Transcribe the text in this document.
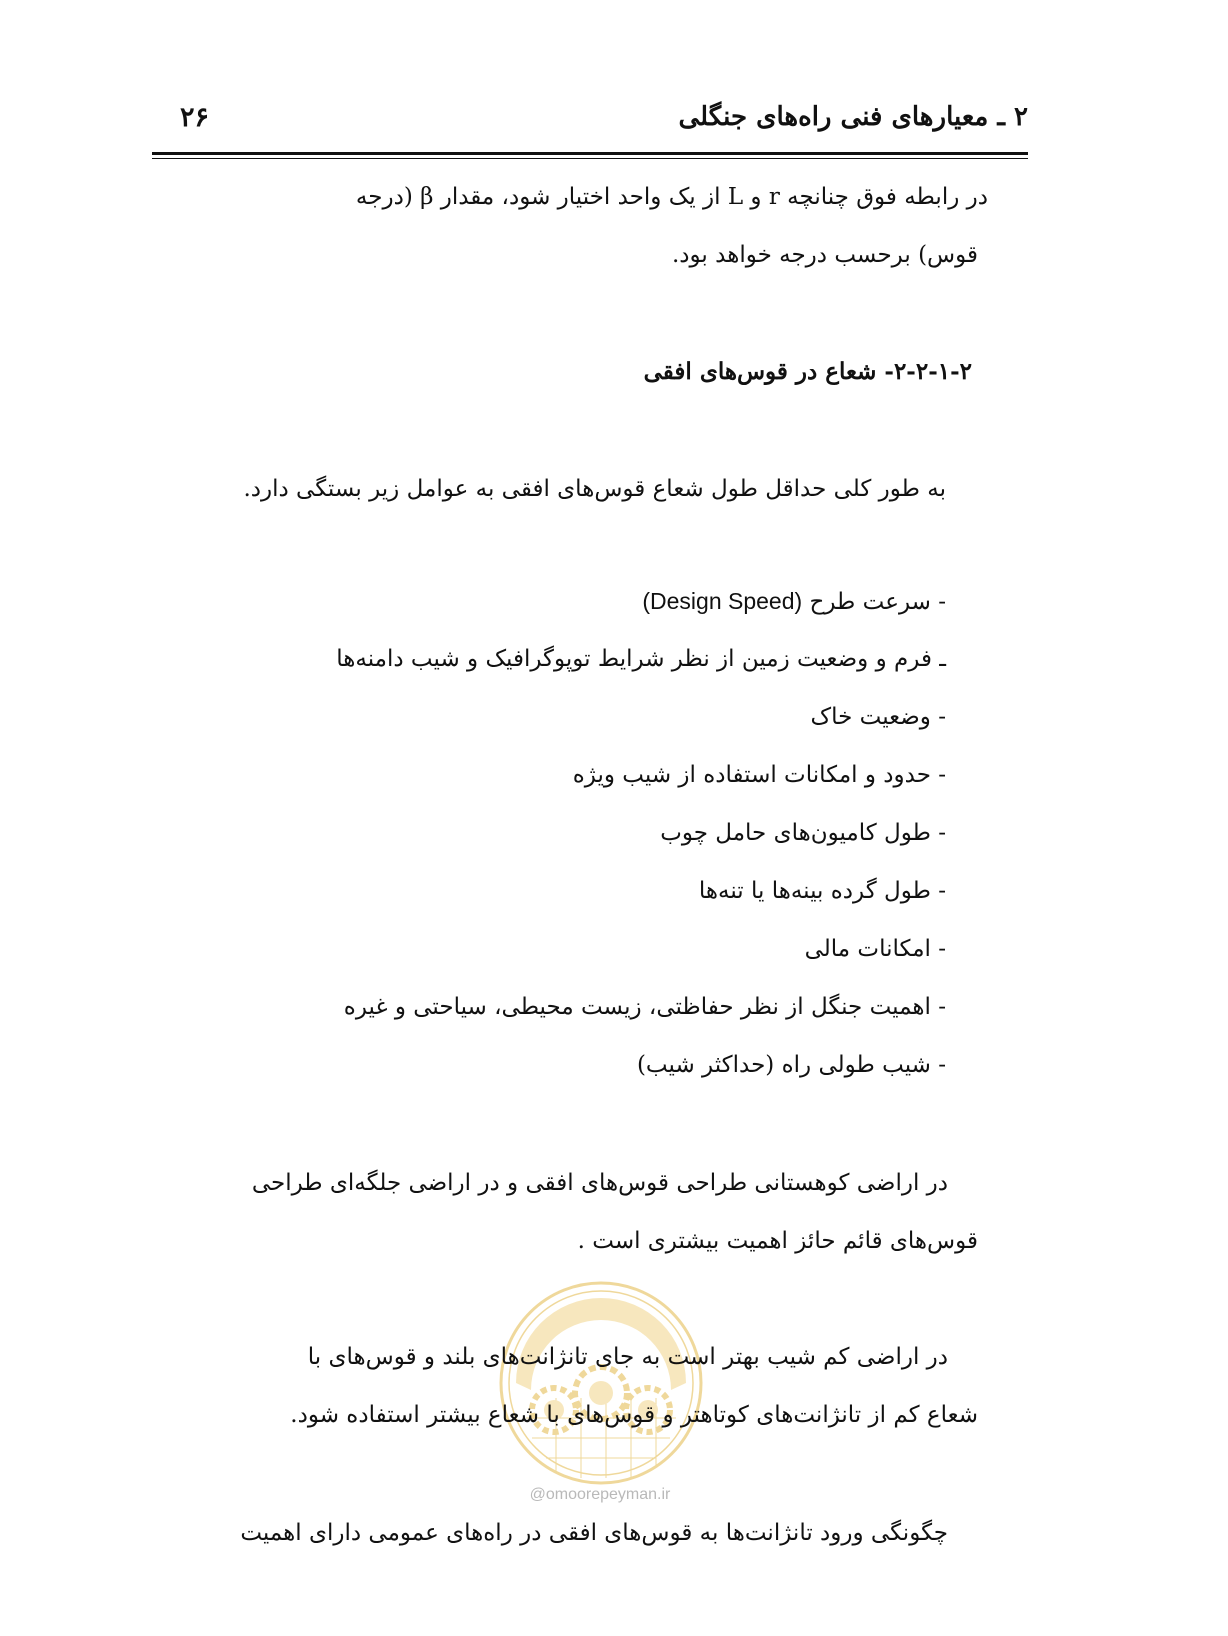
۲۶	۲ ـ معیارهای فنی راه‌های جنگلی
در رابطه فوق چنانچه r و L از یک واحد اختیار شود، مقدار β (درجه
قوس) برحسب درجه خواهد بود.
۲-۲-۱-۲- شعاع در قوس‌های افقی
به طور کلی حداقل طول شعاع قوس‌های افقی به عوامل زیر بستگی دارد.
- سرعت طرح (Design Speed)
ـ فرم و وضعیت زمین از نظر شرایط توپوگرافیک و شیب دامنه‌ها
- وضعیت خاک
- حدود و امکانات استفاده از شیب ویژه
- طول کامیون‌های حامل چوب
- طول گرده بینه‌ها یا تنه‌ها
- امکانات مالی
- اهمیت جنگل از نظر حفاظتی، زیست محیطی، سیاحتی و غیره
- شیب طولی راه (حداکثر شیب)
در اراضی کوهستانی طراحی قوس‌های افقی و در اراضی جلگه‌ای طراحی
قوس‌های قائم حائز اهمیت بیشتری است .
@omoorepeyman.ir
در اراضی کم شیب بهتر است به جای تانژانت‌های بلند و قوس‌های با
شعاع کم از تانژانت‌های کوتاهتر و قوس‌های با شعاع بیشتر استفاده شود.
چگونگی ورود تانژانت‌ها به قوس‌های افقی در راه‌های عمومی دارای اهمیت
